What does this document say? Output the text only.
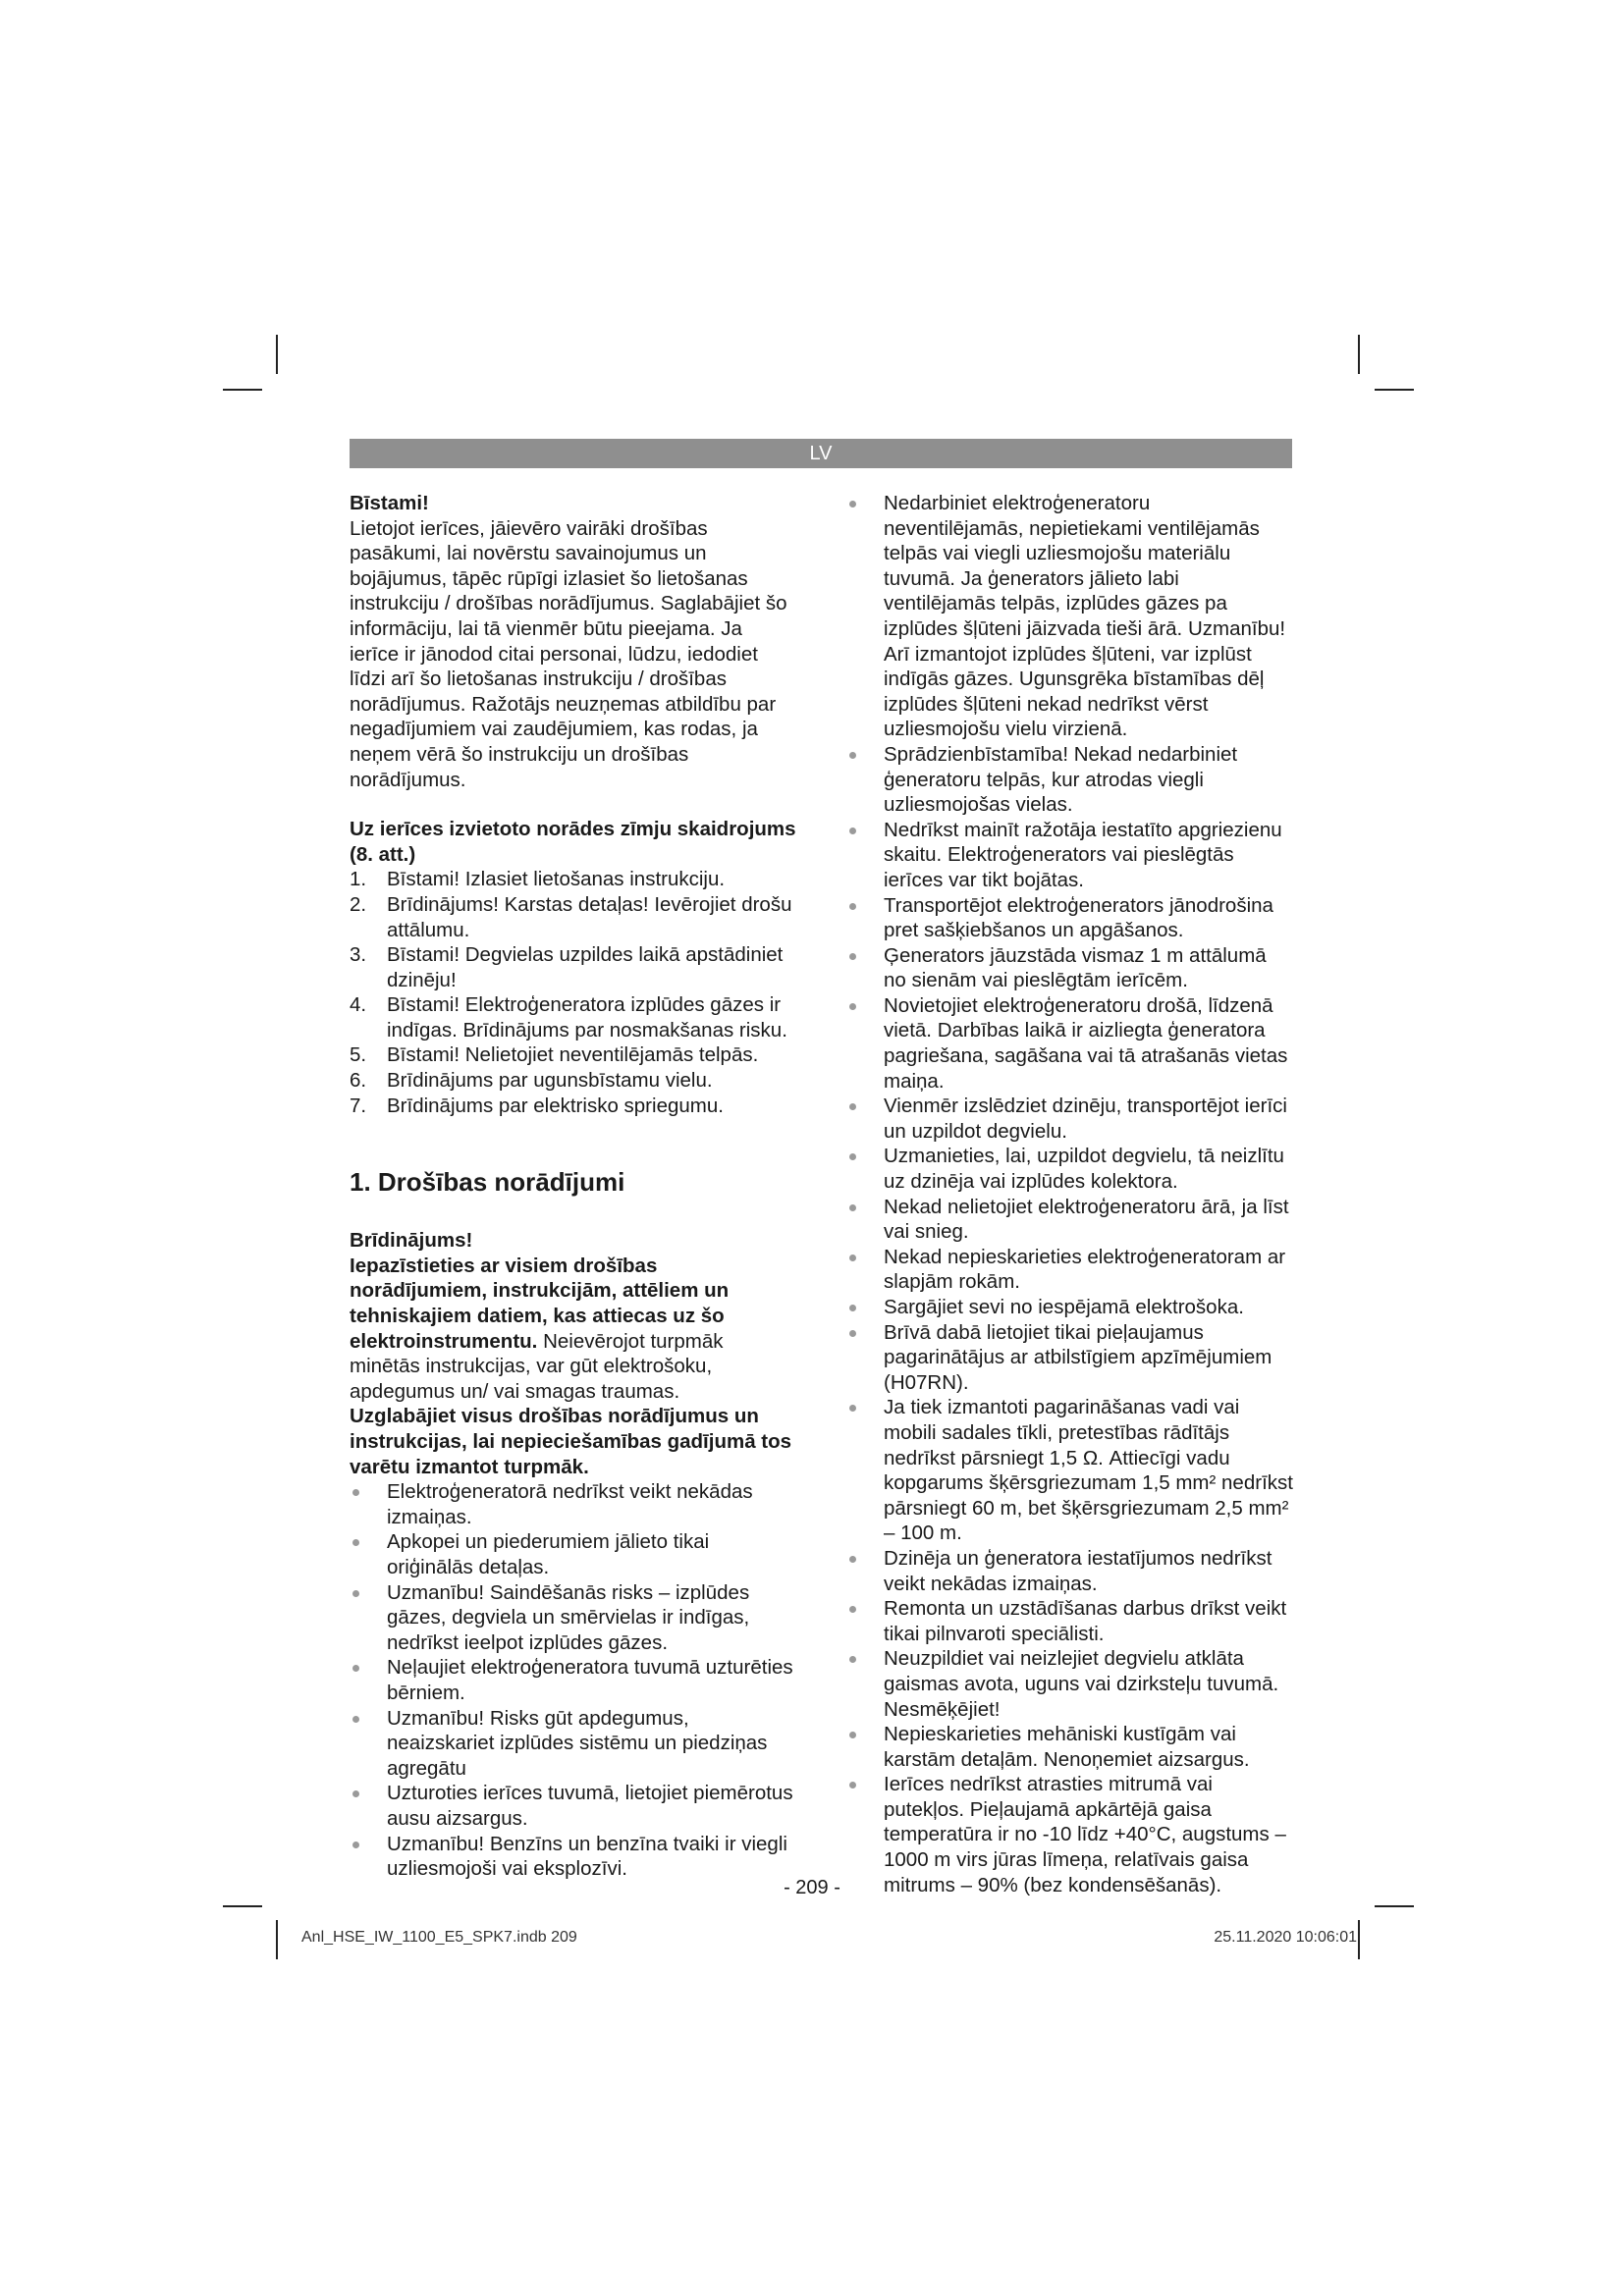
LV

Bīstami!

Lietojot ierīces, jāievēro vairāki drošības pasākumi, lai novērstu savainojumus un bojājumus, tāpēc rūpīgi izlasiet šo lietošanas instrukciju / drošības norādījumus. Saglabājiet šo informāciju, lai tā vienmēr būtu pieejama. Ja ierīce ir jānodod citai personai, lūdzu, iedodiet līdzi arī šo lietošanas instrukciju / drošības norādījumus. Ražotājs neuzņemas atbildību par negadījumiem vai zaudējumiem, kas rodas, ja neņem vērā šo instrukciju un drošības norādījumus.

Uz ierīces izvietoto norādes zīmju skaidrojums (8. att.)

1.	Bīstami! Izlasiet lietošanas instrukciju.
2.	Brīdinājums! Karstas detaļas! Ievērojiet drošu attālumu.
3.	Bīstami! Degvielas uzpildes laikā apstādiniet dzinēju!
4.	Bīstami! Elektroģeneratora izplūdes gāzes ir indīgas. Brīdinājums par nosmakšanas risku.
5.	Bīstami! Nelietojiet neventilējamās telpās.
6.	Brīdinājums par ugunsbīstamu vielu.
7.	Brīdinājums par elektrisko spriegumu.

1. Drošības norādījumi

Brīdinājums!

Iepazīstieties ar visiem drošības norādījumiem, instrukcijām, attēliem un tehniskajiem datiem, kas attiecas uz šo elektroinstrumentu. Neievērojot turpmāk minētās instrukcijas, var gūt elektrošoku, apdegumus un/ vai smagas traumas.

Uzglabājiet visus drošības norādījumus un instrukcijas, lai nepieciešamības gadījumā tos varētu izmantot turpmāk.

Elektroģeneratorā nedrīkst veikt nekādas izmaiņas.
Apkopei un piederumiem jālieto tikai oriģinālās detaļas.
Uzmanību! Saindēšanās risks – izplūdes gāzes, degviela un smērvielas ir indīgas, nedrīkst ieelpot izplūdes gāzes.
Neļaujiet elektroģeneratora tuvumā uzturēties bērniem.
Uzmanību! Risks gūt apdegumus, neaizskariet izplūdes sistēmu un piedziņas agregātu
Uzturoties ierīces tuvumā, lietojiet piemērotus ausu aizsargus.
Uzmanību! Benzīns un benzīna tvaiki ir viegli uzliesmojoši vai eksplozīvi.
Nedarbiniet elektroģeneratoru neventilējamās, nepietiekami ventilējamās telpās vai viegli uzliesmojošu materiālu tuvumā. Ja ģenerators jālieto labi ventilējamās telpās, izplūdes gāzes pa izplūdes šļūteni jāizvada tieši ārā. Uzmanību! Arī izmantojot izplūdes šļūteni, var izplūst indīgās gāzes. Ugunsgrēka bīstamības dēļ izplūdes šļūteni nekad nedrīkst vērst uzliesmojošu vielu virzienā.
Sprādzienbīstamība! Nekad nedarbiniet ģeneratoru telpās, kur atrodas viegli uzliesmojošas vielas.
Nedrīkst mainīt ražotāja iestatīto apgriezienu skaitu. Elektroģenerators vai pieslēgtās ierīces var tikt bojātas.
Transportējot elektroģenerators jānodrošina pret sašķiebšanos un apgāšanos.
Ģenerators jāuzstāda vismaz 1 m attālumā no sienām vai pieslēgtām ierīcēm.
Novietojiet elektroģeneratoru drošā, līdzenā vietā. Darbības laikā ir aizliegta ģeneratora pagriešana, sagāšana vai tā atrašanās vietas maiņa.
Vienmēr izslēdziet dzinēju, transportējot ierīci un uzpildot degvielu.
Uzmanieties, lai, uzpildot degvielu, tā neizlītu uz dzinēja vai izplūdes kolektora.
Nekad nelietojiet elektroģeneratoru ārā, ja līst vai snieg.
Nekad nepieskarieties elektroģeneratoram ar slapjām rokām.
Sargājiet sevi no iespējamā elektrošoka.
Brīvā dabā lietojiet tikai pieļaujamus pagarinātājus ar atbilstīgiem apzīmējumiem (H07RN).
Ja tiek izmantoti pagarināšanas vadi vai mobili sadales tīkli, pretestības rādītājs nedrīkst pārsniegt 1,5 Ω. Attiecīgi vadu kopgarums šķērsgriezumam 1,5 mm² nedrīkst pārsniegt 60 m, bet šķērsgriezumam 2,5 mm² – 100 m.
Dzinēja un ģeneratora iestatījumos nedrīkst veikt nekādas izmaiņas.
Remonta un uzstādīšanas darbus drīkst veikt tikai pilnvaroti speciālisti.
Neuzpildiet vai neizlejiet degvielu atklāta gaismas avota, uguns vai dzirksteļu tuvumā. Nesmēķējiet!
Nepieskarieties mehāniski kustīgām vai karstām detaļām. Nenoņemiet aizsargus.
Ierīces nedrīkst atrasties mitrumā vai putekļos. Pieļaujamā apkārtējā gaisa temperatūra ir no -10 līdz +40°C, augstums – 1000 m virs jūras līmeņa, relatīvais gaisa mitrums – 90% (bez kondensēšanās).
- 209 -
Anl_HSE_IW_1100_E5_SPK7.indb 209	25.11.2020 10:06:01
